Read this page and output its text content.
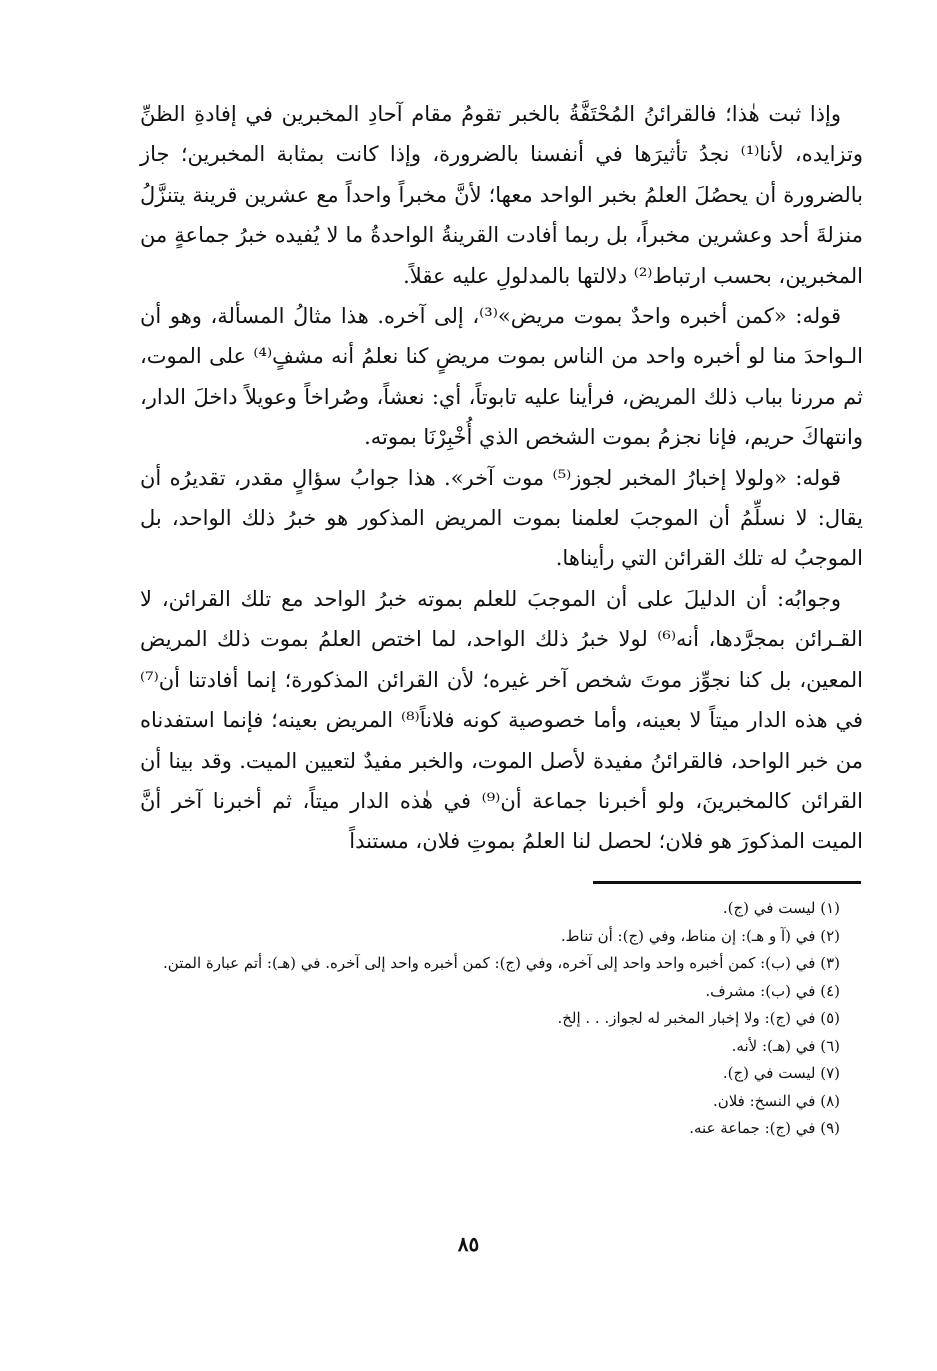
وإذا ثبت هٰذا؛ فالقرائنُ المُحْتَفَّةُ بالخبر تقومُ مقام آحادِ المخبرين في إفادةِ الظنِّ وتزايده، لأنا⁽¹⁾ نجدُ تأثيرَها في أنفسنا بالضرورة، وإذا كانت بمثابة المخبرين؛ جاز بالضرورة أن يحصُلَ العلمُ بخبر الواحد معها؛ لأنَّ مخبراً واحداً مع عشرين قرينة يتنزَّلُ منزلةَ أحد وعشرين مخبراً، بل ربما أفادت القرينةُ الواحدةُ ما لا يُفيده خبرُ جماعةٍ من المخبرين، بحسب ارتباط⁽²⁾ دلالتها بالمدلولِ عليه عقلاً.

قوله: «كمن أخبره واحدٌ بموت مريض»⁽³⁾، إلى آخره. هذا مثالُ المسألة، وهو أن الـواحدَ منا لو أخبره واحد من الناس بموت مريضٍ كنا نعلمُ أنه مشفٍ⁽⁴⁾ على الموت، ثم مررنا بباب ذلك المريض، فرأينا عليه تابوتاً، أي: نعشاً، وصُراخاً وعويلاً داخلَ الدار، وانتهاكَ حريم، فإنا نجزمُ بموت الشخص الذي أُخْبِرْنَا بموته.

قوله: «ولولا إخبارُ المخبر لجوز⁽⁵⁾ موت آخر». هذا جوابُ سؤالٍ مقدر، تقديرُه أن يقال: لا نسلِّمُ أن الموجبَ لعلمنا بموت المريض المذكور هو خبرُ ذلك الواحد، بل الموجبُ له تلك القرائن التي رأيناها.

وجوابُه: أن الدليلَ على أن الموجبَ للعلم بموته خبرُ الواحد مع تلك القرائن، لا القـرائن بمجرَّدها، أنه⁽⁶⁾ لولا خبرُ ذلك الواحد، لما اختص العلمُ بموت ذلك المريض المعين، بل كنا نجوِّز موتَ شخص آخر غيره؛ لأن القرائن المذكورة؛ إنما أفادتنا أن⁽⁷⁾ في هذه الدار ميتاً لا بعينه، وأما خصوصية كونه فلاناً⁽⁸⁾ المريض بعينه؛ فإنما استفدناه من خبر الواحد، فالقرائنُ مفيدة لأصل الموت، والخبر مفيدٌ لتعيين الميت. وقد بينا أن القرائن كالمخبرينَ، ولو أخبرنا جماعة أن⁽⁹⁾ في هٰذه الدار ميتاً، ثم أخبرنا آخر أنَّ الميت المذكورَ هو فلان؛ لحصل لنا العلمُ بموتِ فلان، مستنداً

(١) ليست في (ج).
(٢) في (آ و هـ): إن مناط، وفي (ج): أن تناط.
(٣) في (ب): كمن أخبره واحد واحد إلى آخره، وفي (ج): كمن أخبره واحد إلى آخره. في (هـ): أتم عبارة المتن.
(٤) في (ب): مشرف.
(٥) في (ج): ولا إخبار المخبر له لجواز. . . إلخ.
(٦) في (هـ): لأنه.
(٧) ليست في (ج).
(٨) في النسخ: فلان.
(٩) في (ج): جماعة عنه.
٨٥
